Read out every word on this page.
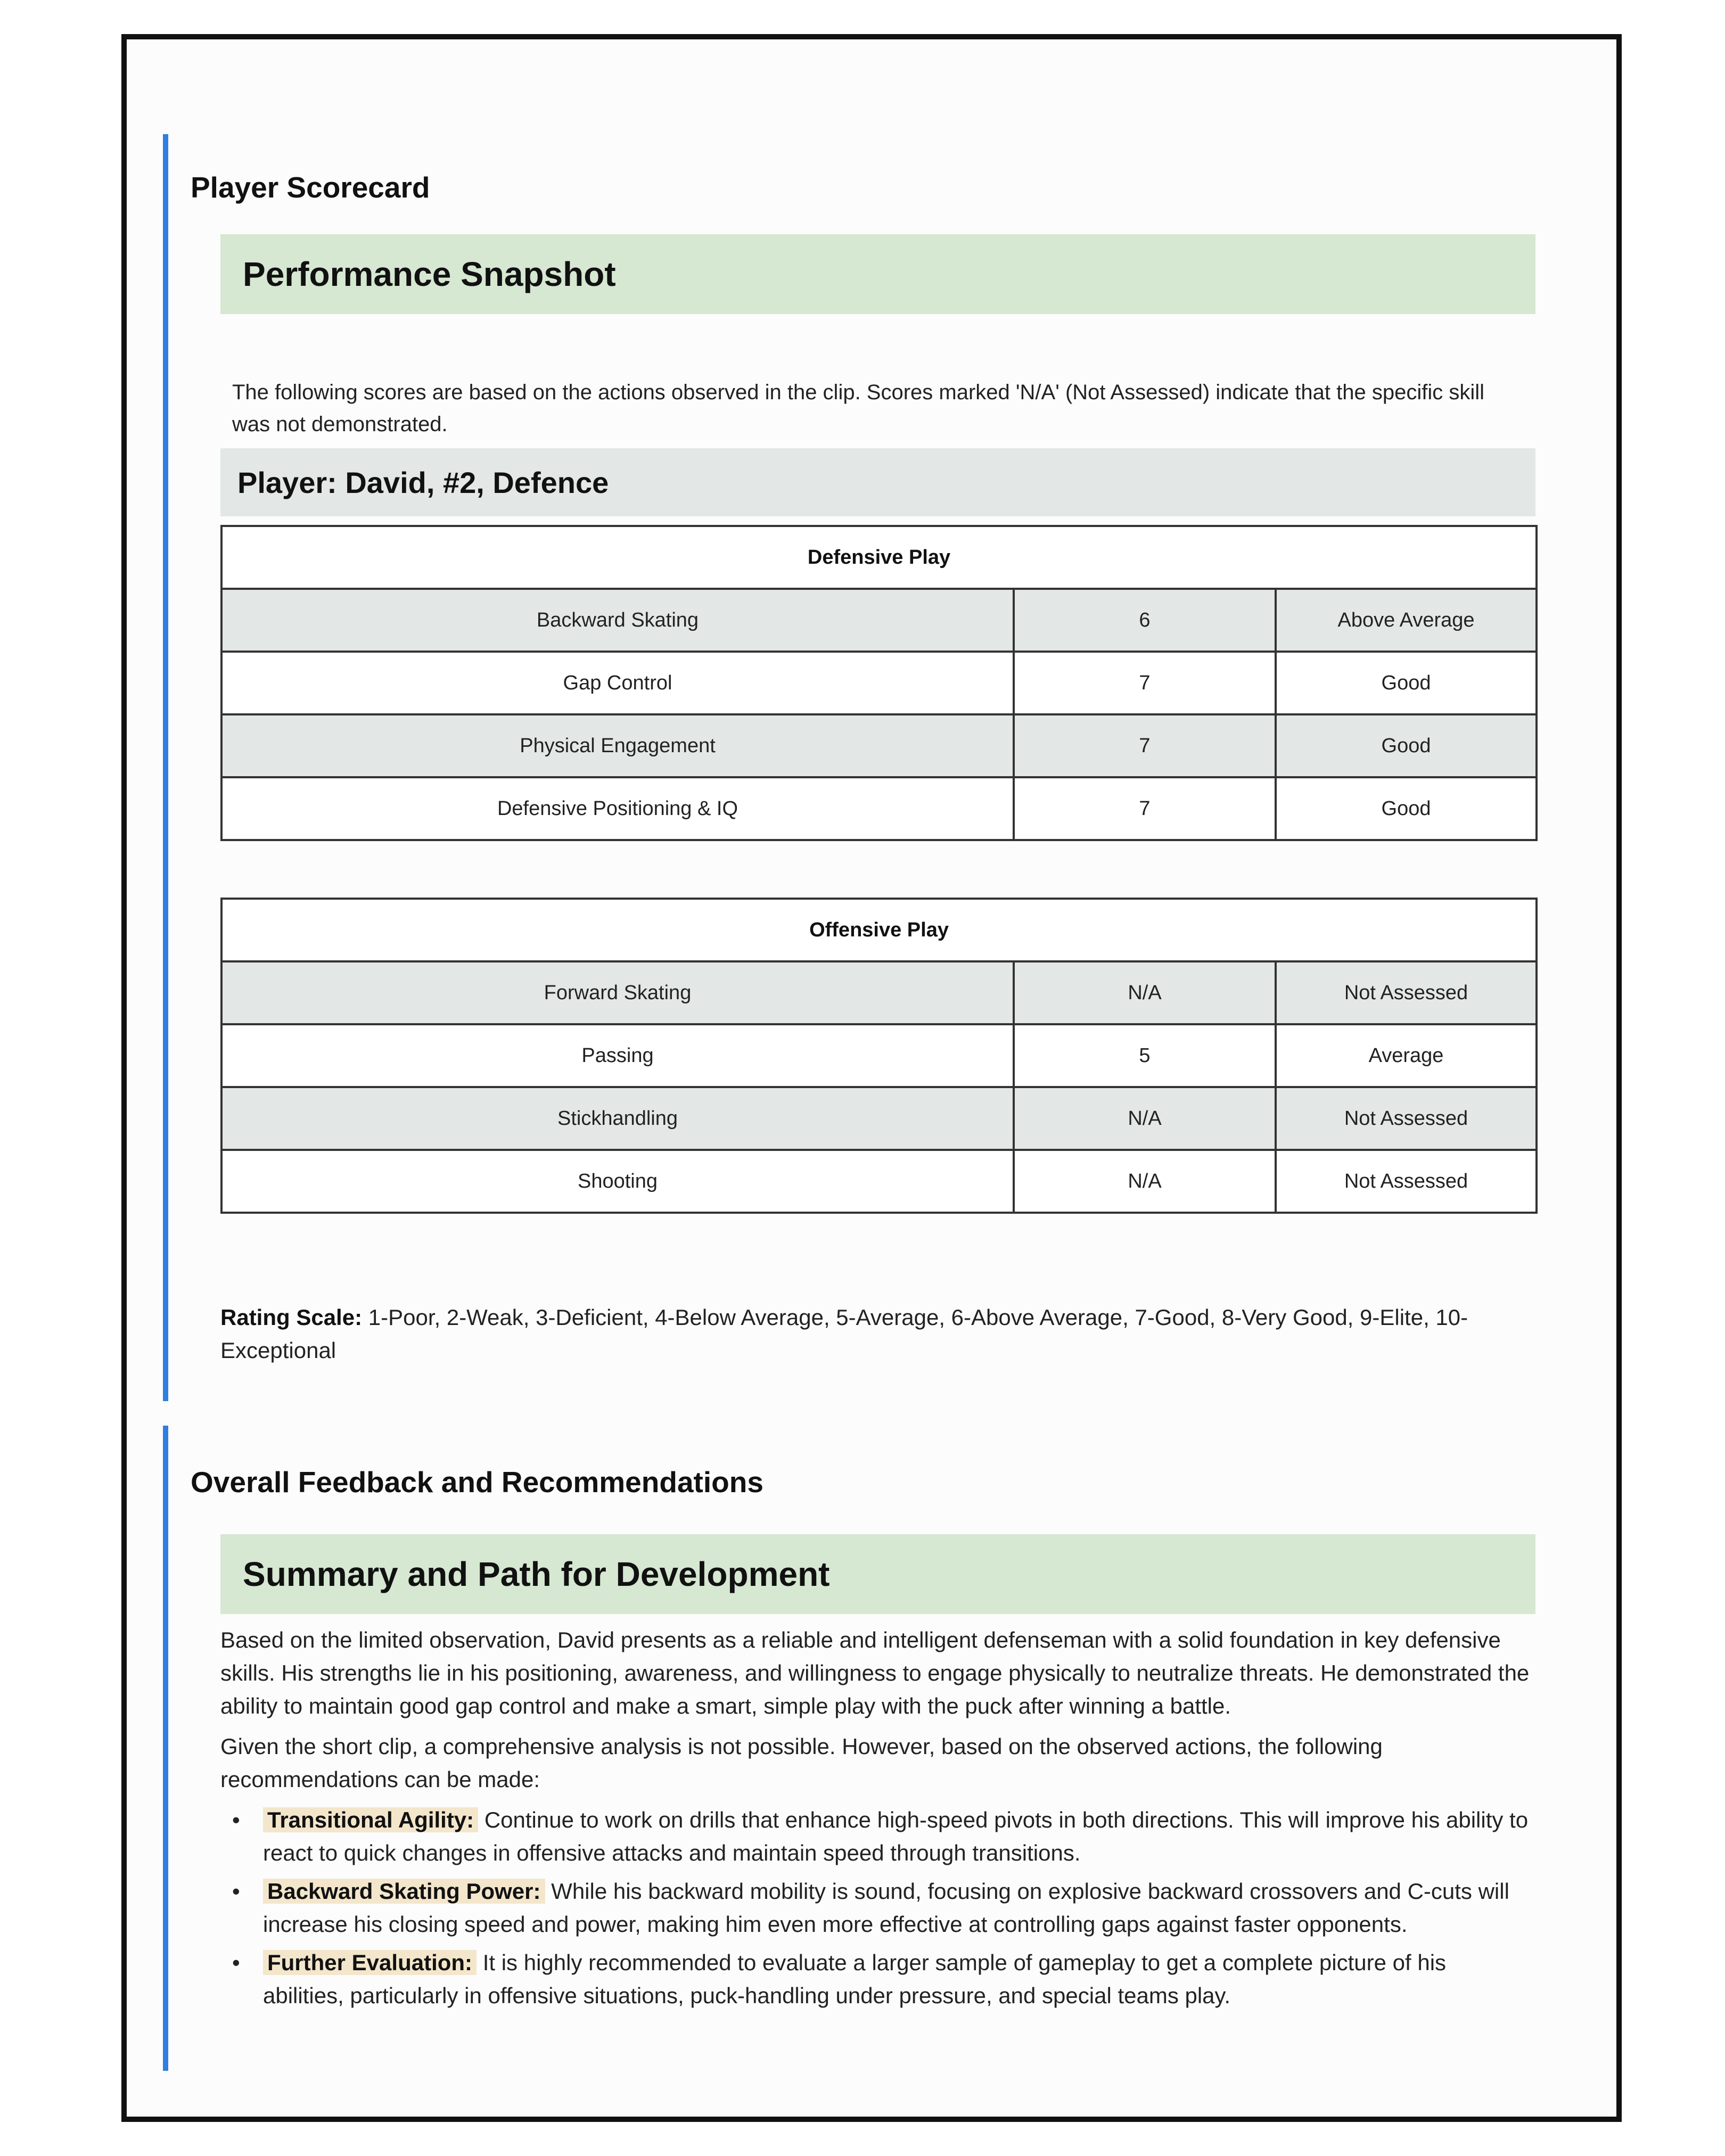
Player Scorecard
Performance Snapshot
The following scores are based on the actions observed in the clip. Scores marked 'N/A' (Not Assessed) indicate that the specific skill was not demonstrated.
Player: David, #2, Defence
Defensive Play		
Backward Skating	6	Above Average
Gap Control	7	Good
Physical Engagement	7	Good
Defensive Positioning & IQ	7	Good
Offensive Play		
Forward Skating	N/A	Not Assessed
Passing	5	Average
Stickhandling	N/A	Not Assessed
Shooting	N/A	Not Assessed
Rating Scale: 1-Poor, 2-Weak, 3-Deficient, 4-Below Average, 5-Average, 6-Above Average, 7-Good, 8-Very Good, 9-Elite, 10-Exceptional
Overall Feedback and Recommendations
Summary and Path for Development

Based on the limited observation, David presents as a reliable and intelligent defenseman with a solid foundation in key defensive skills. His strengths lie in his positioning, awareness, and willingness to engage physically to neutralize threats. He demonstrated the ability to maintain good gap control and make a smart, simple play with the puck after winning a battle.

Given the short clip, a comprehensive analysis is not possible. However, based on the observed actions, the following recommendations can be made:

• Transitional Agility: Continue to work on drills that enhance high-speed pivots in both directions. This will improve his ability to react to quick changes in offensive attacks and maintain speed through transitions.
• Backward Skating Power: While his backward mobility is sound, focusing on explosive backward crossovers and C-cuts will increase his closing speed and power, making him even more effective at controlling gaps against faster opponents.
• Further Evaluation: It is highly recommended to evaluate a larger sample of gameplay to get a complete picture of his abilities, particularly in offensive situations, puck-handling under pressure, and special teams play.
